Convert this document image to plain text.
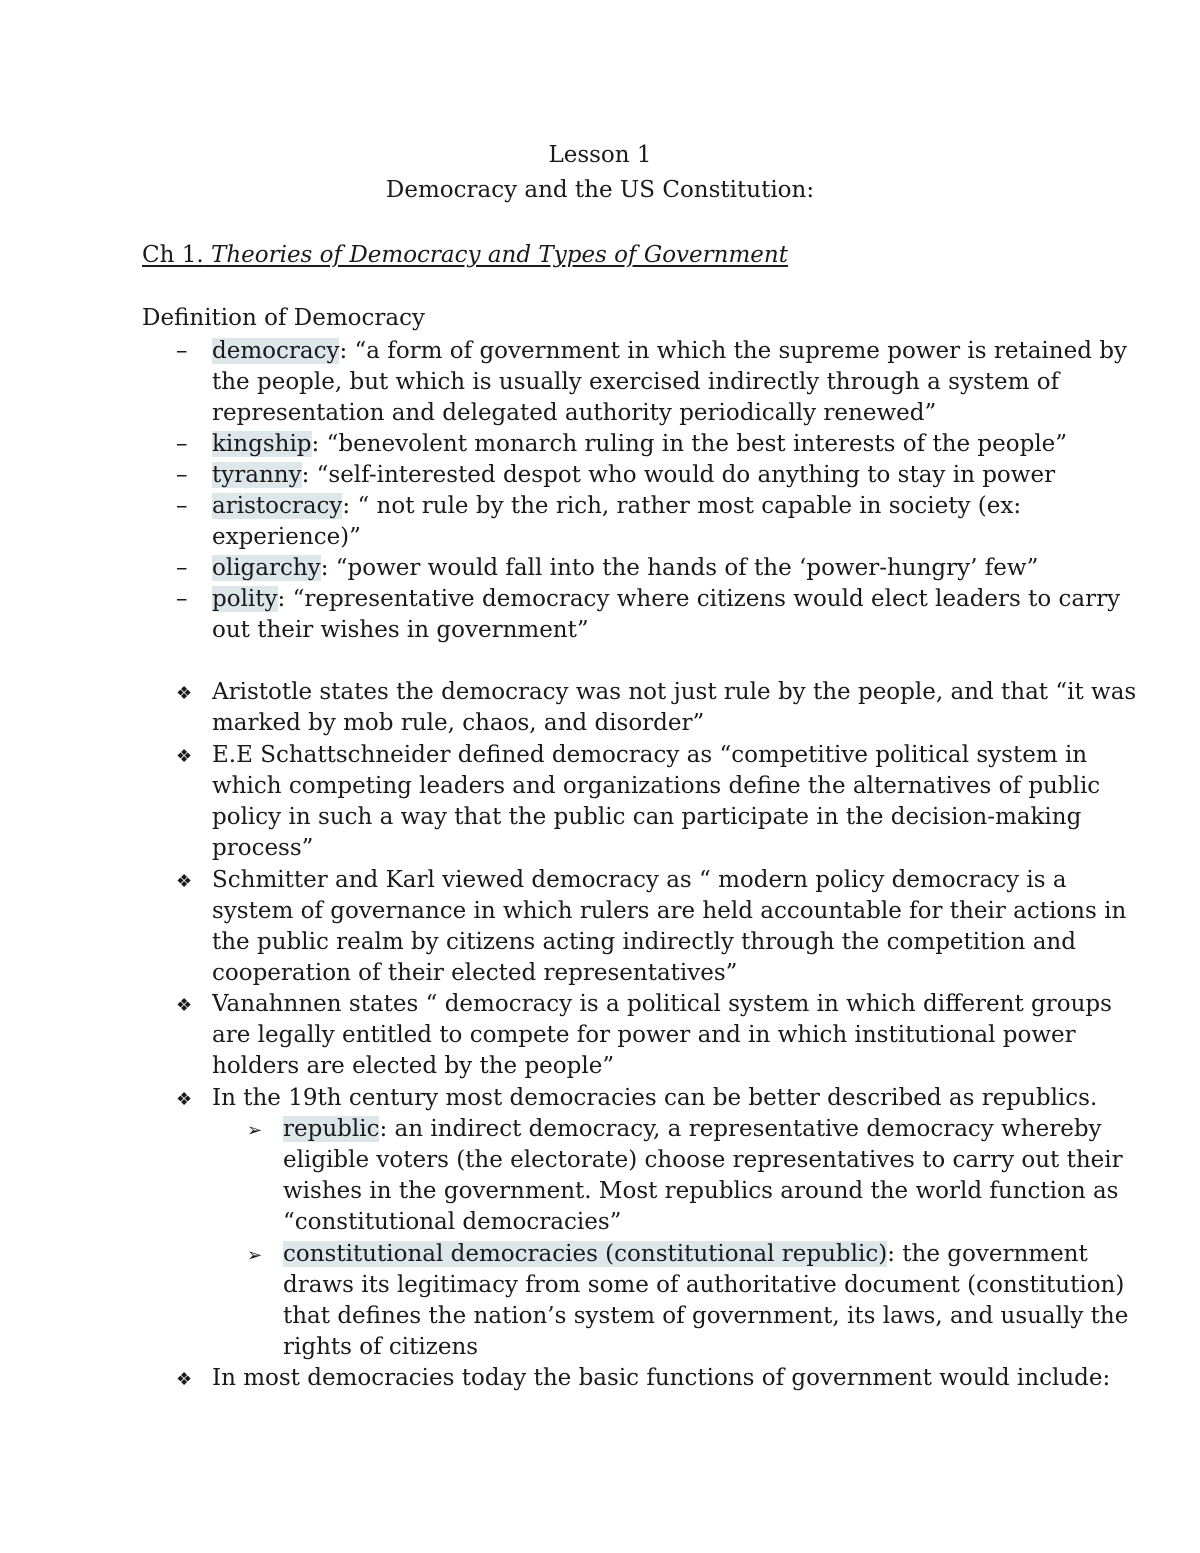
Lesson 1
Democracy and the US Constitution:
Ch 1. Theories of Democracy and Types of Government
Definition of Democracy
–	democracy: “a form of government in which the supreme power is retained by
the people, but which is usually exercised indirectly through a system of
representation and delegated authority periodically renewed”
–	kingship: “benevolent monarch ruling in the best interests of the people”
–	tyranny: “self-interested despot who would do anything to stay in power
–	aristocracy: “ not rule by the rich, rather most capable in society (ex:
experience)”
–	oligarchy: “power would fall into the hands of the ‘power-hungry’ few”
–	polity: “representative democracy where citizens would elect leaders to carry
out their wishes in government”
❖ Aristotle states the democracy was not just rule by the people, and that “it was
marked by mob rule, chaos, and disorder”
❖ E.E Schattschneider defined democracy as “competitive political system in
which competing leaders and organizations define the alternatives of public
policy in such a way that the public can participate in the decision-making
process”
❖ Schmitter and Karl viewed democracy as “ modern policy democracy is a
system of governance in which rulers are held accountable for their actions in
the public realm by citizens acting indirectly through the competition and
cooperation of their elected representatives”
❖ Vanahnnen states “ democracy is a political system in which different groups
are legally entitled to compete for power and in which institutional power
holders are elected by the people”
❖ In the 19th century most democracies can be better described as republics.
➢ republic: an indirect democracy, a representative democracy whereby
eligible voters (the electorate) choose representatives to carry out their
wishes in the government. Most republics around the world function as
“constitutional democracies”
➢ constitutional democracies (constitutional republic): the government
draws its legitimacy from some of authoritative document (constitution)
that defines the nation’s system of government, its laws, and usually the
rights of citizens
❖ In most democracies today the basic functions of government would include:
